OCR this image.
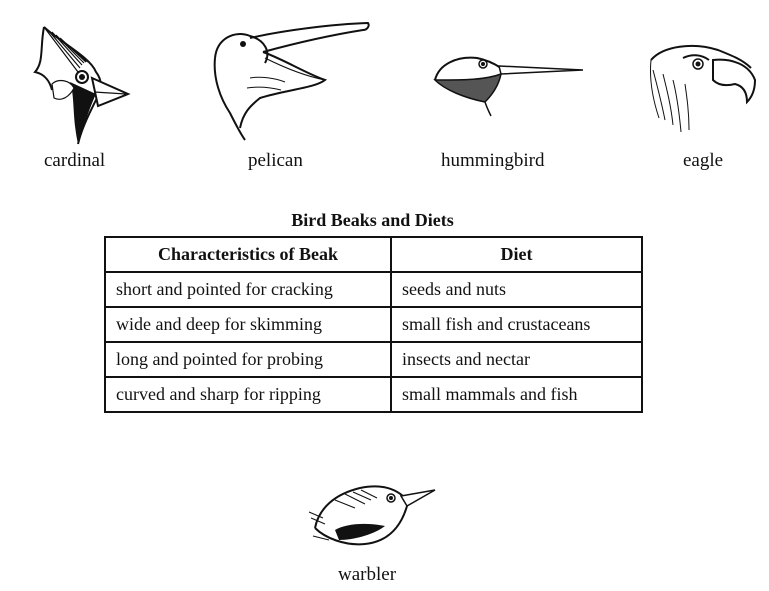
cardinal	pelican	hummingbird	eagle
Bird Beaks and Diets
Characteristics of Beak	Diet
short and pointed for cracking	seeds and nuts
wide and deep for skimming	small fish and crustaceans
long and pointed for probing	insects and nectar
curved and sharp for ripping	small mammals and fish
warbler
